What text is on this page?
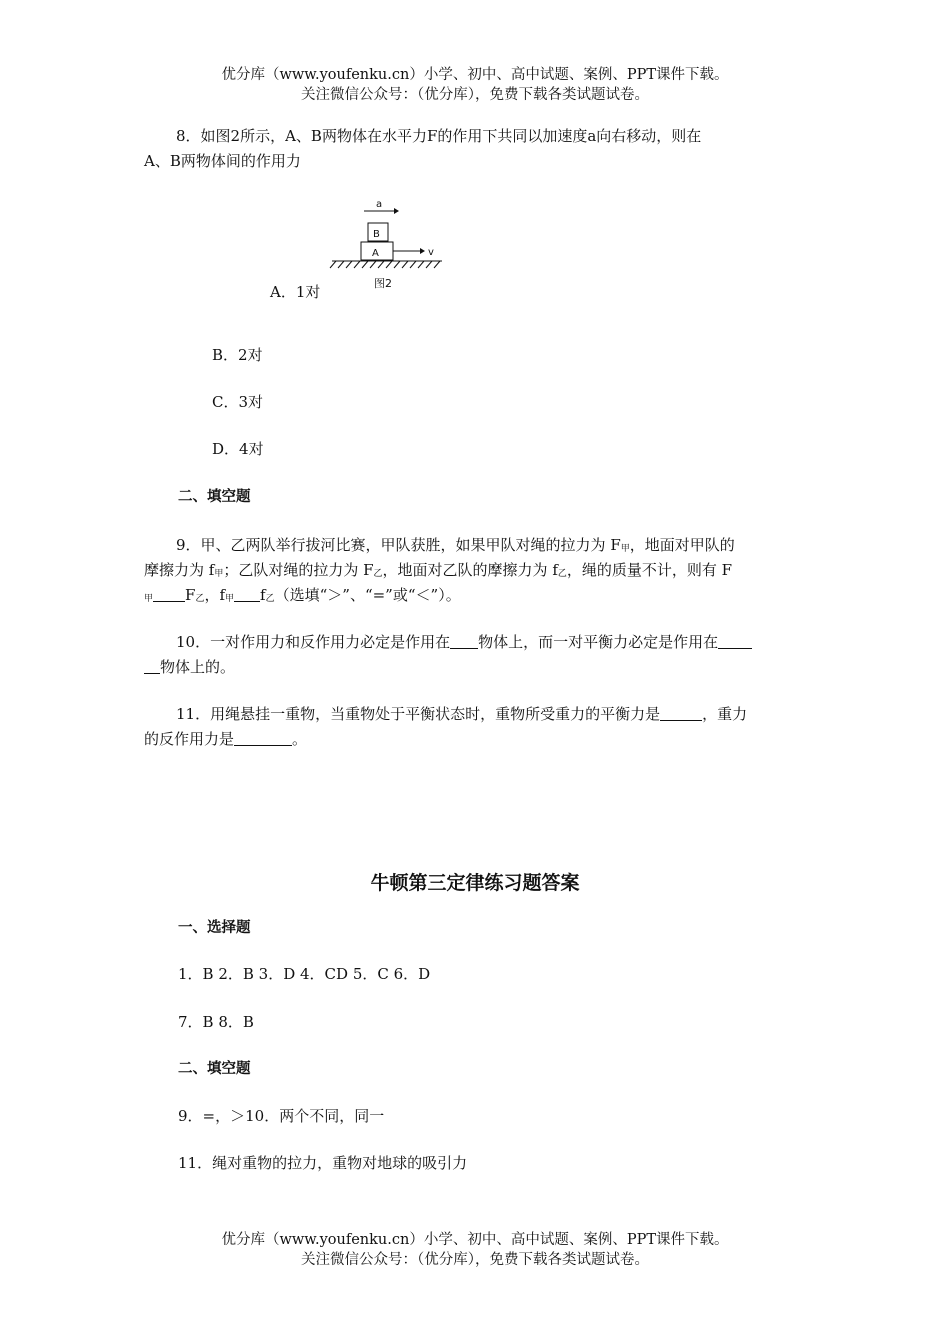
优分库（www.youfenku.cn）小学、初中、高中试题、案例、PPT课件下载。
关注微信公众号：（优分库），免费下载各类试题试卷。
8．如图2所示，A、B两物体在水平力F的作用下共同以加速度a向右移动，则在
A、B两物体间的作用力
a
B
A	v
图2
A．1对
B．2对
C．3对
D．4对
二、填空题
9．甲、乙两队举行拔河比赛，甲队获胜，如果甲队对绳的拉力为 $F_甲$，地面对甲队的
摩擦力为 $f_甲$；乙队对绳的拉力为 $F_乙$，地面对乙队的摩擦力为 $f_乙$，绳的质量不计，则有 F
$_甲$ $F_乙$，$f_甲$ $f_乙$（选填“＞”、“=”或“＜”）。
10．一对作用力和反作用力必定是作用在 物体上，而一对平衡力必定是作用在
物体上的。
11．用绳悬挂一重物，当重物处于平衡状态时，重物所受重力的平衡力是	，重力
的反作用力是	。
牛顿第三定律练习题答案
一、选择题
1．B 2．B 3．D 4．CD 5．C 6．D
7．B 8．B
二、填空题
9．=，＞10．两个不同，同一
11．绳对重物的拉力，重物对地球的吸引力
优分库（www.youfenku.cn）小学、初中、高中试题、案例、PPT课件下载。
关注微信公众号：（优分库），免费下载各类试题试卷。
